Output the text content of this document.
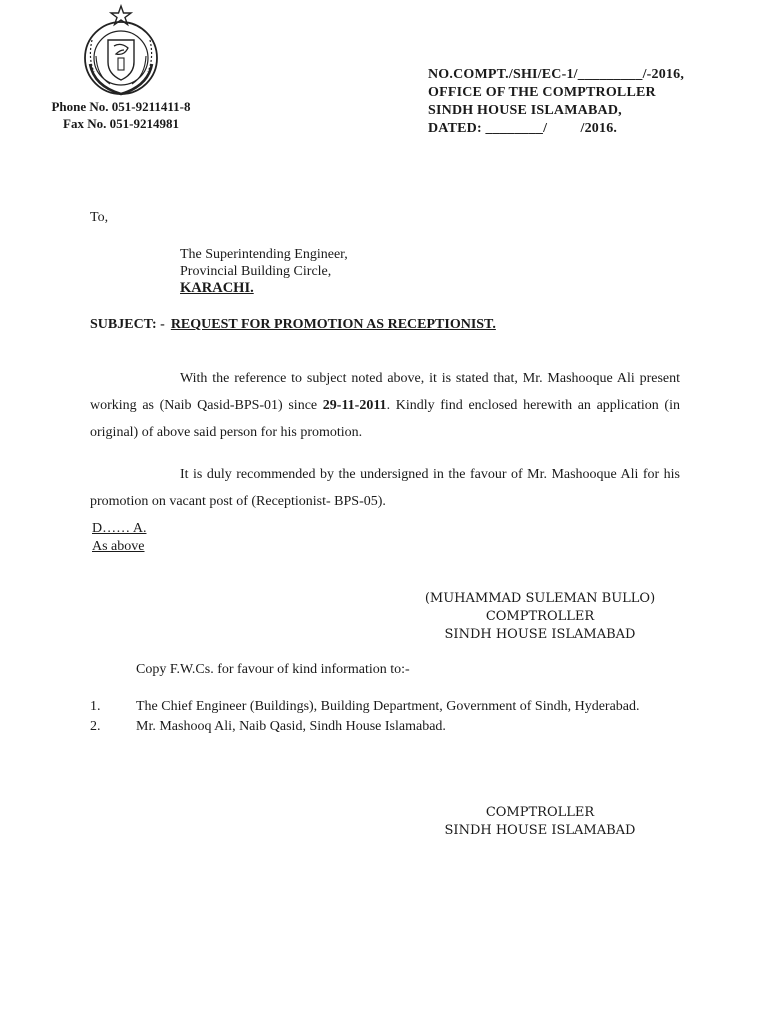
Phone No. 051-9211411-8
Fax No. 051-9214981
NO.COMPT./SHI/EC-1/_________/-2016,
OFFICE OF THE COMPTROLLER
SINDH HOUSE ISLAMABAD,
DATED: ________/         /2016.
To,
The Superintending Engineer,
Provincial Building Circle,
KARACHI.
SUBJECT: - REQUEST FOR PROMOTION AS RECEPTIONIST.
With the reference to subject noted above, it is stated that, Mr. Mashooque Ali present working as (Naib Qasid-BPS-01) since 29-11-2011. Kindly find enclosed herewith an application (in original) of above said person for his promotion.
It is duly recommended by the undersigned in the favour of Mr. Mashooque Ali for his promotion on vacant post of (Receptionist- BPS-05).
D…… A.
As above
(MUHAMMAD SULEMAN BULLO)
COMPTROLLER
SINDH HOUSE ISLAMABAD
Copy F.W.Cs. for favour of kind information to:-
1.	The Chief Engineer (Buildings), Building Department, Government of Sindh, Hyderabad.
2.	Mr. Mashooq Ali, Naib Qasid, Sindh House Islamabad.
COMPTROLLER
SINDH HOUSE ISLAMABAD
